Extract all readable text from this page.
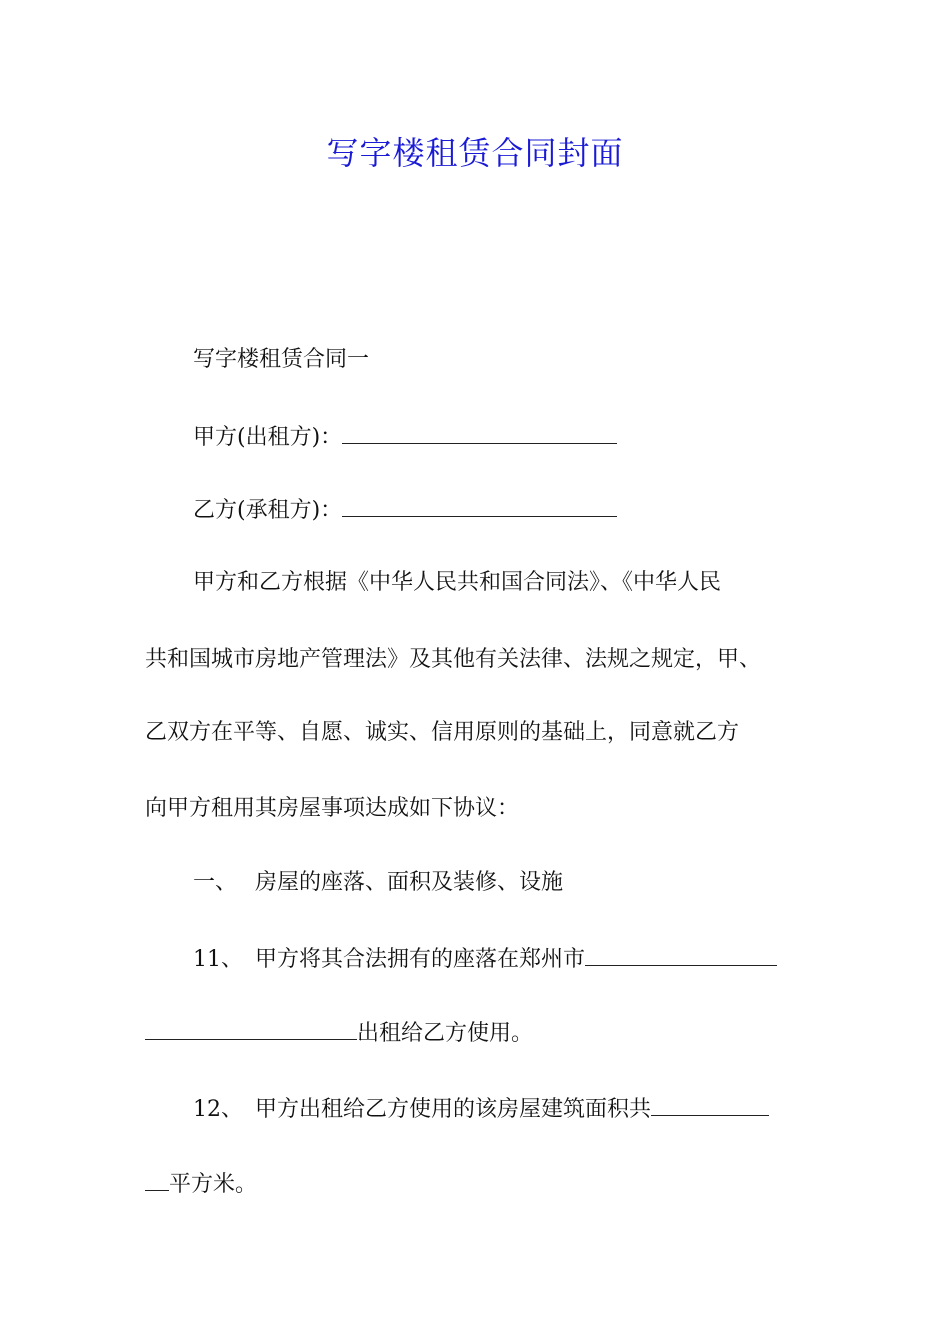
写字楼租赁合同封面
写字楼租赁合同一
甲方(出租方)：
乙方(承租方)：
甲方和乙方根据《中华人民共和国合同法》、《中华人民
共和国城市房地产管理法》及其他有关法律、法规之规定，甲、
乙双方在平等、自愿、诚实、信用原则的基础上，同意就乙方
向甲方租用其房屋事项达成如下协议：
一、 房屋的座落、面积及装修、设施
11、 甲方将其合法拥有的座落在郑州市
出租给乙方使用。
12、 甲方出租给乙方使用的该房屋建筑面积共
平方米。
